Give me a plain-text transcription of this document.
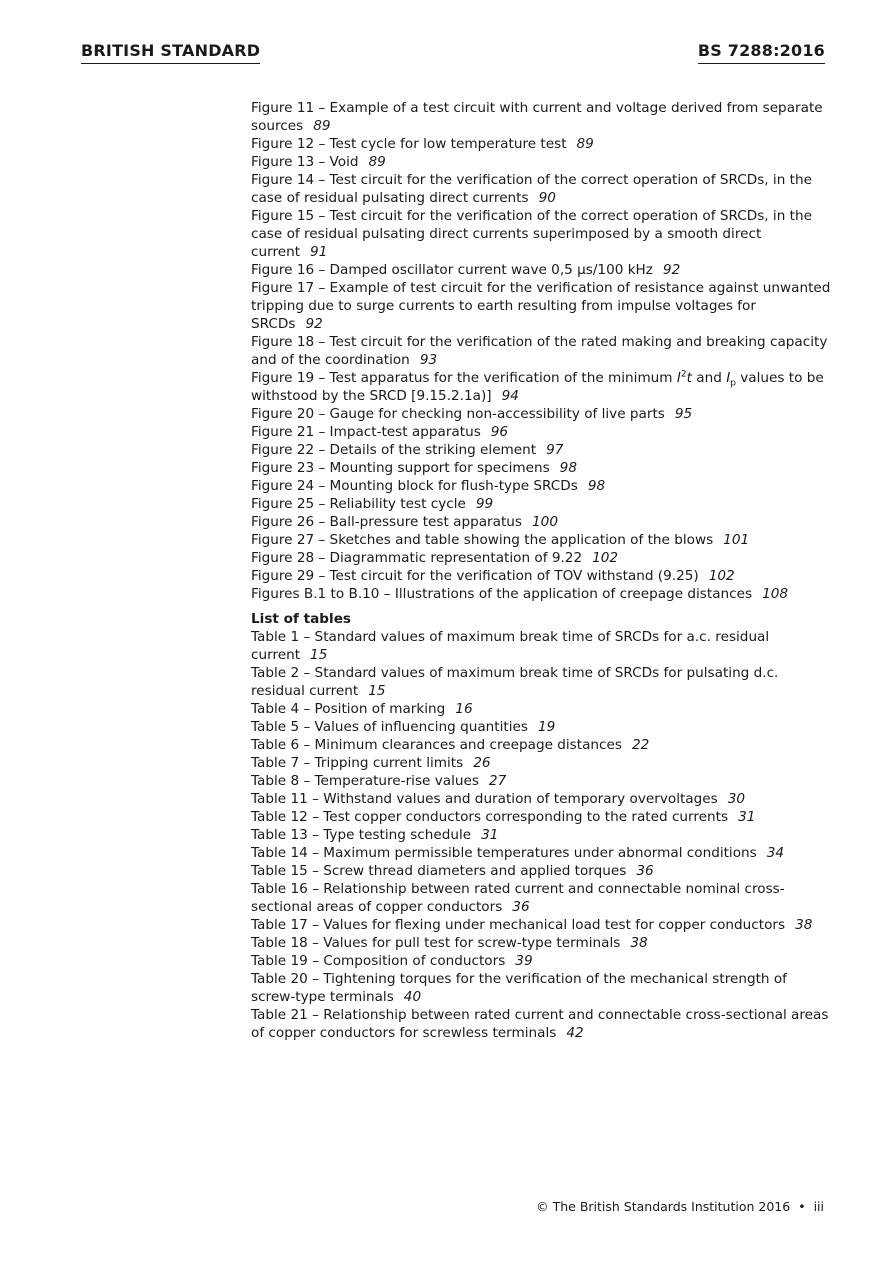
BRITISH STANDARD	BS 7288:2016
Figure 11 – Example of a test circuit with current and voltage derived from separate sources 89
Figure 12 – Test cycle for low temperature test 89
Figure 13 – Void 89
Figure 14 – Test circuit for the verification of the correct operation of SRCDs, in the case of residual pulsating direct currents 90
Figure 15 – Test circuit for the verification of the correct operation of SRCDs, in the case of residual pulsating direct currents superimposed by a smooth direct current 91
Figure 16 – Damped oscillator current wave 0,5 μs/100 kHz 92
Figure 17 – Example of test circuit for the verification of resistance against unwanted tripping due to surge currents to earth resulting from impulse voltages for SRCDs 92
Figure 18 – Test circuit for the verification of the rated making and breaking capacity and of the coordination 93
Figure 19 – Test apparatus for the verification of the minimum $I^2t$ and $I_p$ values to be withstood by the SRCD [9.15.2.1a)] 94
Figure 20 – Gauge for checking non-accessibility of live parts 95
Figure 21 – Impact-test apparatus 96
Figure 22 – Details of the striking element 97
Figure 23 – Mounting support for specimens 98
Figure 24 – Mounting block for flush-type SRCDs 98
Figure 25 – Reliability test cycle 99
Figure 26 – Ball-pressure test apparatus 100
Figure 27 – Sketches and table showing the application of the blows 101
Figure 28 – Diagrammatic representation of 9.22 102
Figure 29 – Test circuit for the verification of TOV withstand (9.25) 102
Figures B.1 to B.10 – Illustrations of the application of creepage distances 108
List of tables
Table 1 – Standard values of maximum break time of SRCDs for a.c. residual current 15
Table 2 – Standard values of maximum break time of SRCDs for pulsating d.c. residual current 15
Table 4 – Position of marking 16
Table 5 – Values of influencing quantities 19
Table 6 – Minimum clearances and creepage distances 22
Table 7 – Tripping current limits 26
Table 8 – Temperature-rise values 27
Table 11 – Withstand values and duration of temporary overvoltages 30
Table 12 – Test copper conductors corresponding to the rated currents 31
Table 13 – Type testing schedule 31
Table 14 – Maximum permissible temperatures under abnormal conditions 34
Table 15 – Screw thread diameters and applied torques 36
Table 16 – Relationship between rated current and connectable nominal cross-sectional areas of copper conductors 36
Table 17 – Values for flexing under mechanical load test for copper conductors 38
Table 18 – Values for pull test for screw-type terminals 38
Table 19 – Composition of conductors 39
Table 20 – Tightening torques for the verification of the mechanical strength of screw-type terminals 40
Table 21 – Relationship between rated current and connectable cross-sectional areas of copper conductors for screwless terminals 42
© The British Standards Institution 2016 • iii
